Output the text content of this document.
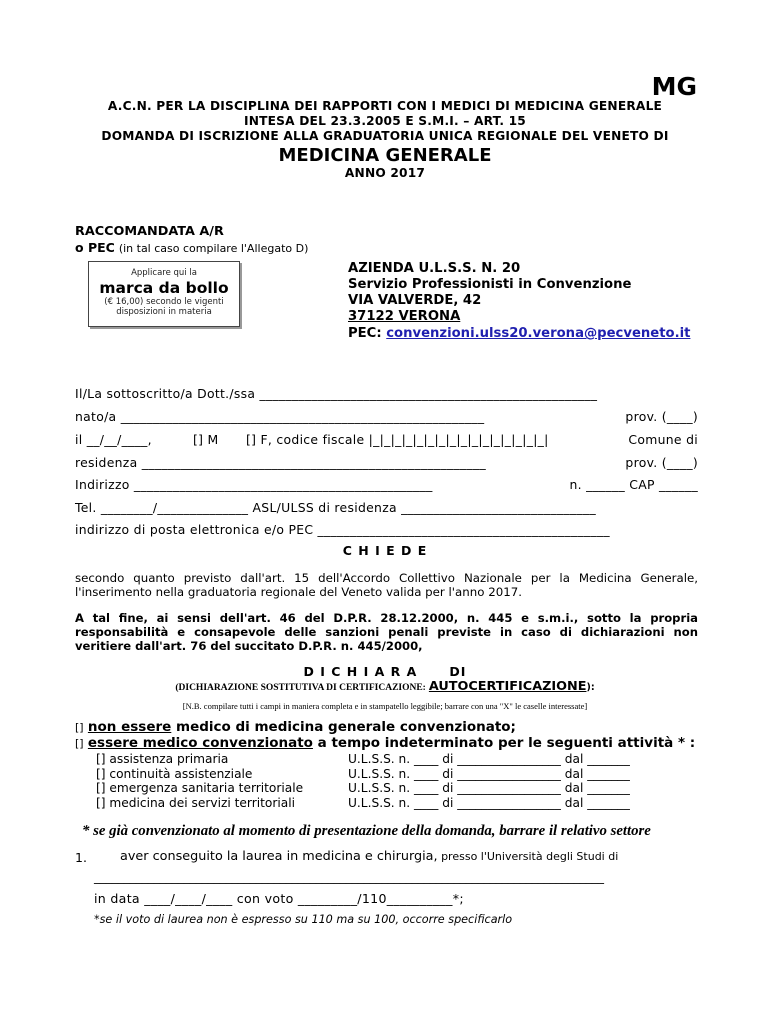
MG
A.C.N. PER LA DISCIPLINA DEI RAPPORTI CON I MEDICI DI MEDICINA GENERALE
INTESA DEL 23.3.2005 E S.M.I. – ART. 15
DOMANDA DI ISCRIZIONE ALLA GRADUATORIA UNICA REGIONALE DEL VENETO DI
MEDICINA GENERALE
ANNO 2017
RACCOMANDATA A/R
o PEC (in tal caso compilare l'Allegato D)
Applicare qui la
marca da bollo
(€ 16,00) secondo le vigenti
disposizioni in materia
AZIENDA U.L.S.S. N. 20
Servizio Professionisti in Convenzione
VIA VALVERDE, 42
37122 VERONA
PEC: convenzioni.ulss20.verona@pecveneto.it
Il/La sottoscritto/a Dott./ssa ____________________________________________________
nato/a ________________________________________________________	prov. (____)
il __/__/____,	[] M [] F, codice fiscale |_|_|_|_|_|_|_|_|_|_|_|_|_|_|_|_|	Comune di
residenza _____________________________________________________	prov. (____)
Indirizzo ______________________________________________	n. ______ CAP ______
Tel. ________/______________ ASL/ULSS di residenza ______________________________
indirizzo di posta elettronica e/o PEC _____________________________________________
C H I E D E
secondo quanto previsto dall'art. 15 dell'Accordo Collettivo Nazionale per la Medicina Generale,
l'inserimento nella graduatoria regionale del Veneto valida per l'anno 2017.
A tal fine, ai sensi dell'art. 46 del D.P.R. 28.12.2000, n. 445 e s.m.i., sotto la propria
responsabilità e consapevole delle sanzioni penali previste in caso di dichiarazioni non
veritiere dall'art. 76 del succitato D.P.R. n. 445/2000,
D I C H I A R A      DI
(DICHIARAZIONE SOSTITUTIVA DI CERTIFICAZIONE: AUTOCERTIFICAZIONE):
[N.B. compilare tutti i campi in maniera completa e in stampatello leggibile; barrare con una "X" le caselle interessate]
[] non essere medico di medicina generale convenzionato;
[] essere medico convenzionato a tempo indeterminato per le seguenti attività * :
[] assistenza primaria	U.L.S.S. n. ____ di _________________ dal _______
[] continuità assistenziale	U.L.S.S. n. ____ di _________________ dal _______
[] emergenza sanitaria territoriale	U.L.S.S. n. ____ di _________________ dal _______
[] medicina dei servizi territoriali	U.L.S.S. n. ____ di _________________ dal _______
* se già convenzionato al momento di presentazione della domanda, barrare il relativo settore
1.	aver conseguito la laurea in medicina e chirurgia, presso l'Università degli Studi di
_____________________________________________________________________________________
in data ____/____/____ con voto _________/110__________*;
*se il voto di laurea non è espresso su 110 ma su 100, occorre specificarlo
